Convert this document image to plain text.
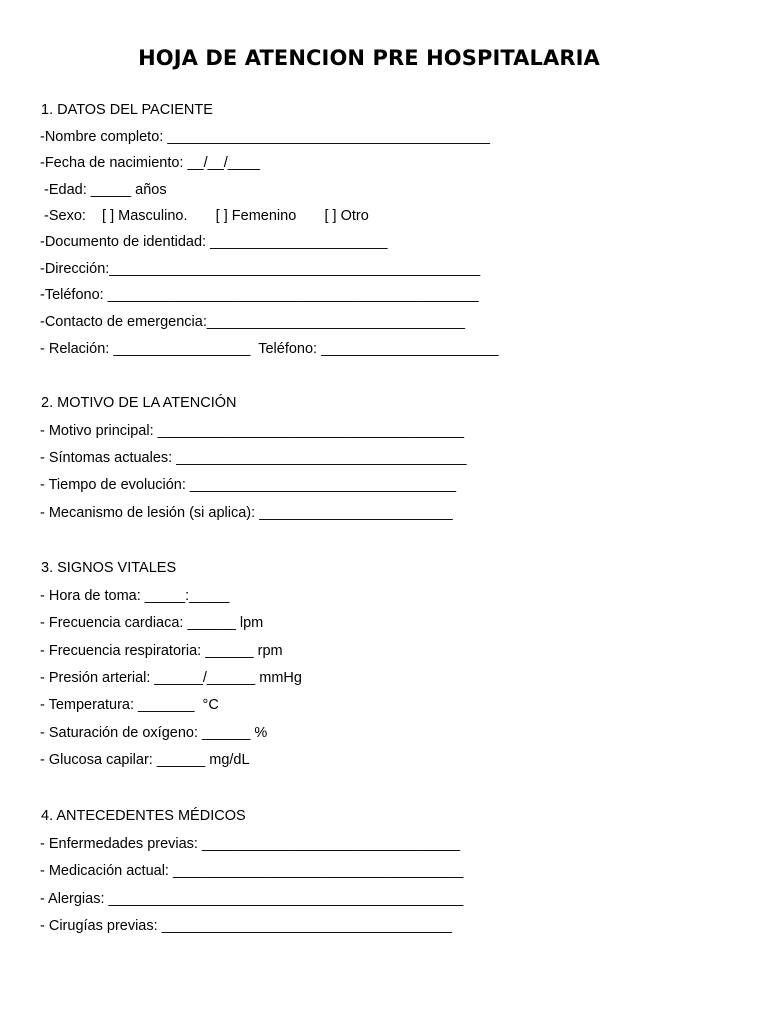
HOJA DE ATENCION PRE HOSPITALARIA
1. DATOS DEL PACIENTE
-Nombre completo: ________________________________________
-Fecha de nacimiento: __/__/____
-Edad: _____ años
-Sexo:    [ ] Masculino.       [ ] Femenino       [ ] Otro
-Documento de identidad: ______________________
-Dirección:______________________________________________
-Teléfono: ______________________________________________
-Contacto de emergencia:________________________________
- Relación: _________________  Teléfono: ______________________
2. MOTIVO DE LA ATENCIÓN
- Motivo principal: ______________________________________
- Síntomas actuales: ____________________________________
- Tiempo de evolución: _________________________________
- Mecanismo de lesión (si aplica): ________________________
3. SIGNOS VITALES
- Hora de toma: _____:_____
- Frecuencia cardiaca: ______ lpm
- Frecuencia respiratoria: ______ rpm
- Presión arterial: ______/______ mmHg
- Temperatura: _______  °C
- Saturación de oxígeno: ______ %
- Glucosa capilar: ______ mg/dL
4. ANTECEDENTES MÉDICOS
- Enfermedades previas: ________________________________
- Medicación actual: ____________________________________
- Alergias: ____________________________________________
- Cirugías previas: ____________________________________
